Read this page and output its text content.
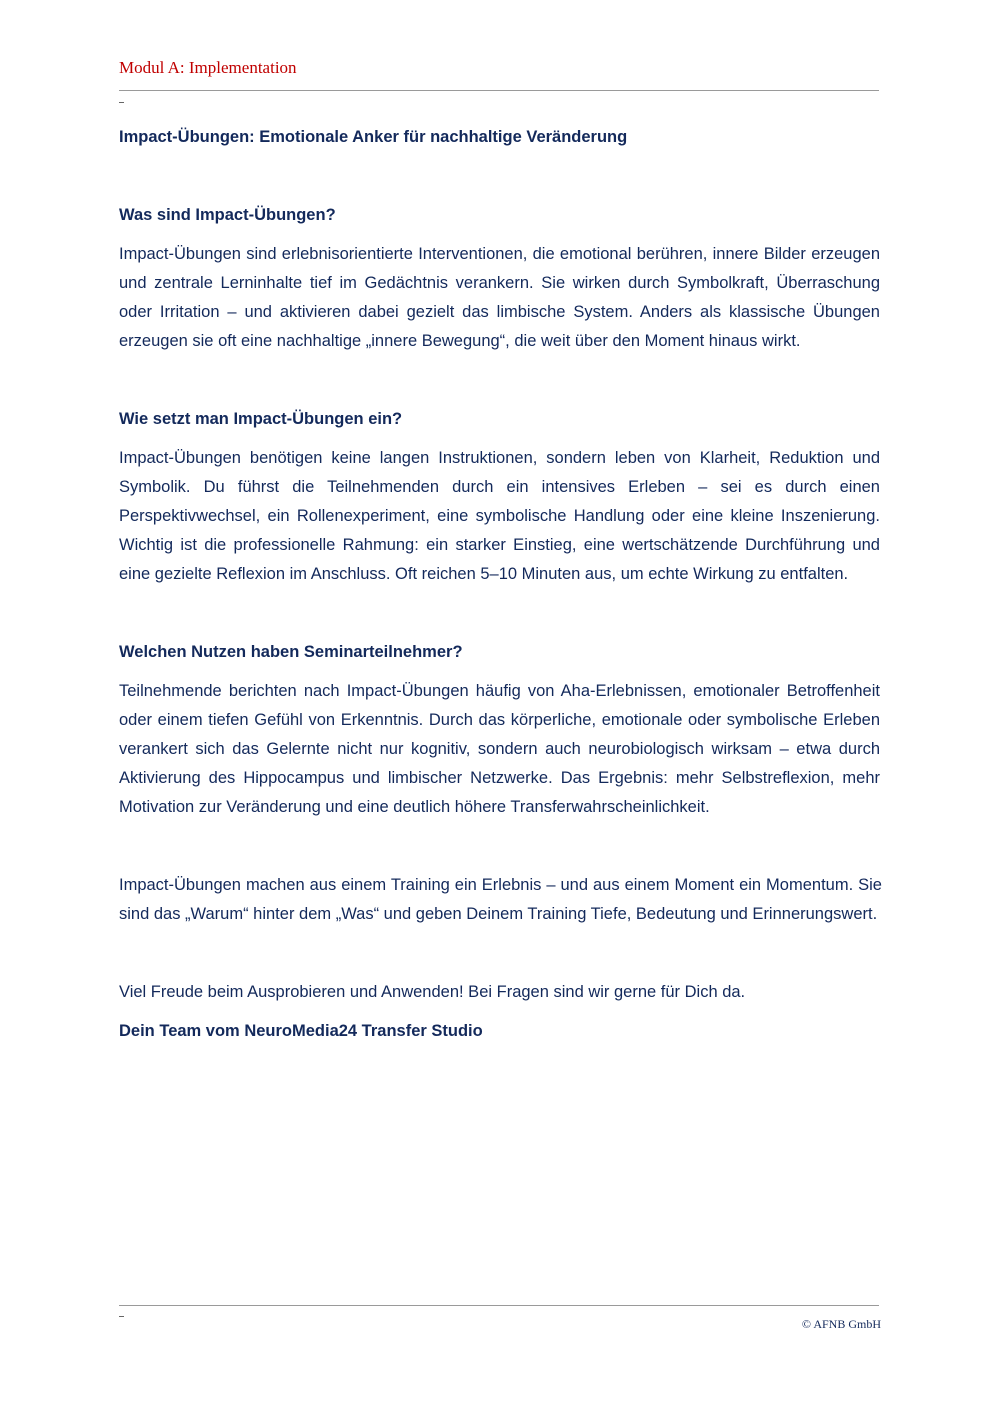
Modul A: Implementation
Impact-Übungen: Emotionale Anker für nachhaltige Veränderung
Was sind Impact-Übungen?

Impact-Übungen sind erlebnisorientierte Interventionen, die emotional berühren, innere Bilder erzeugen und zentrale Lerninhalte tief im Gedächtnis verankern. Sie wirken durch Symbolkraft, Überraschung oder Irritation – und aktivieren dabei gezielt das limbische System. Anders als klassische Übungen erzeugen sie oft eine nachhaltige „innere Bewegung“, die weit über den Moment hinaus wirkt.

Wie setzt man Impact-Übungen ein?

Impact-Übungen benötigen keine langen Instruktionen, sondern leben von Klarheit, Reduktion und Symbolik. Du führst die Teilnehmenden durch ein intensives Erleben – sei es durch einen Perspektivwechsel, ein Rollenexperiment, eine symbolische Handlung oder eine kleine Inszenierung. Wichtig ist die professionelle Rahmung: ein starker Einstieg, eine wertschätzende Durchführung und eine gezielte Reflexion im Anschluss. Oft reichen 5–10 Minuten aus, um echte Wirkung zu entfalten.

Welchen Nutzen haben Seminarteilnehmer?

Teilnehmende berichten nach Impact-Übungen häufig von Aha-Erlebnissen, emotionaler Betroffenheit oder einem tiefen Gefühl von Erkenntnis. Durch das körperliche, emotionale oder symbolische Erleben verankert sich das Gelernte nicht nur kognitiv, sondern auch neurobiologisch wirksam – etwa durch Aktivierung des Hippocampus und limbischer Netzwerke. Das Ergebnis: mehr Selbstreflexion, mehr Motivation zur Veränderung und eine deutlich höhere Transferwahrscheinlichkeit.

Impact-Übungen machen aus einem Training ein Erlebnis – und aus einem Moment ein Momentum. Sie sind das „Warum“ hinter dem „Was“ und geben Deinem Training Tiefe, Bedeutung und Erinnerungswert.

Viel Freude beim Ausprobieren und Anwenden! Bei Fragen sind wir gerne für Dich da.

Dein Team vom NeuroMedia24 Transfer Studio
© AFNB GmbH
